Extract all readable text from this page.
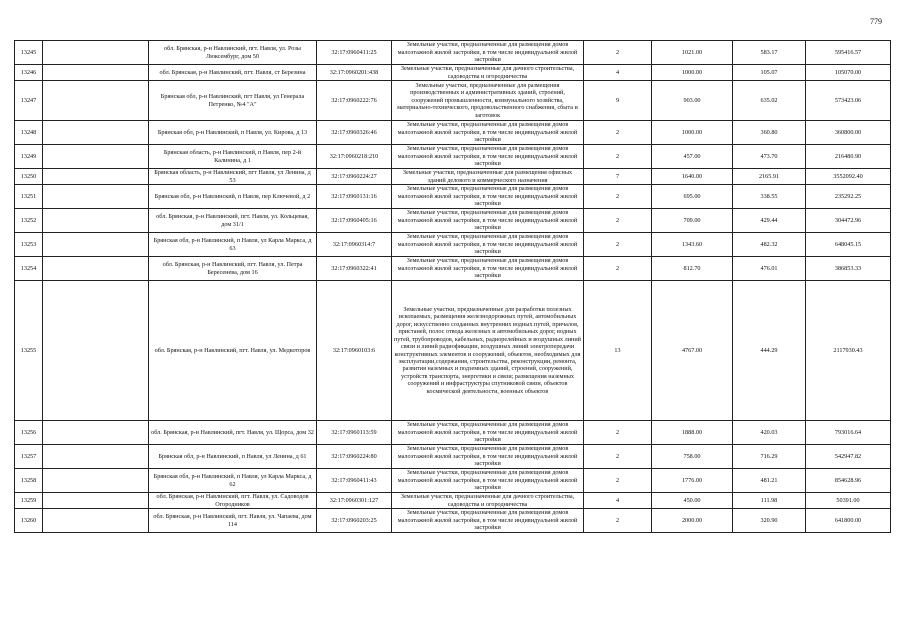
779
13245		обл. Брянская, р-н Навлинский, пгт. Навля, ул. Розы Люксембург, дом 50	32:17:0960411:25	Земельные участки, предназначенные для размещения домов малоэтажной жилой застройки, в том числе индивидуальной жилой застройки	2	1021.00	583.17	595416.57
13246		обл. Брянская, р-н Навлинский, пгт. Навля, ст Березина	32:17:0960201:438	Земельные участки, предназначенные для дачного строительства, садоводства и огородничества	4	1000.00	105.07	105070.00
13247		Брянская обл, р-н Навлинский, пгт Навля, ул Генерала Петренко, №4 "А"	32:17:0960222:76	Земельные участки, предназначенные для размещения производственных и административных зданий, строений, сооружений промышленности, коммунального хозяйства, материально-технического, продовольственного снабжения, сбыта и заготовок	9	903.00	635.02	573423.06
13248		Брянская обл, р-н Навлинский, п Навля, ул. Кирова, д 13	32:17:0960326:46	Земельные участки, предназначенные для размещения домов малоэтажной жилой застройки, в том числе индивидуальной жилой застройки	2	1000.00	360.80	360800.00
13249		Брянская область, р-н Навлинский, п Навля, пер 2-й Калинина, д 1	32:17:0960218:210	Земельные участки, предназначенные для размещения домов малоэтажной жилой застройки, в том числе индивидуальной жилой застройки	2	457.00	473.70	216480.90
13250		Брянская область, р-н Навлинский, пгт Навля, ул Ленина, д 53	32:17:0960224:27	Земельные участки, предназначенные для размещения офисных зданий делового и коммерческого назначения	7	1640.00	2165.91	3552092.40
13251		Брянская обл, р-н Навлинский, п Навля, пер Ключевой, д 2	32:17:0960131:16	Земельные участки, предназначенные для размещения домов малоэтажной жилой застройки, в том числе индивидуальной жилой застройки	2	695.00	338.55	235292.25
13252		обл. Брянская, р-н Навлинский, пгт. Навля, ул. Кольцевая, дом 31/1	32:17:0960405:16	Земельные участки, предназначенные для размещения домов малоэтажной жилой застройки, в том числе индивидуальной жилой застройки	2	709.00	429.44	304472.96
13253		Брянская обл, р-н Навлинский, п Навля, ул Карла Маркса, д 63	32:17:0960314:7	Земельные участки, предназначенные для размещения домов малоэтажной жилой застройки, в том числе индивидуальной жилой застройки	2	1343.60	482.32	648045.15
13254		обл. Брянская, р-н Навлинский, пгт. Навля, ул. Петра Бересенева, дом 16	32:17:0960322:41	Земельные участки, предназначенные для размещения домов малоэтажной жилой застройки, в том числе индивидуальной жилой застройки	2	812.70	476.01	386853.33
13255		обл. Брянская, р-н Навлинский, пгт. Навля, ул. Медкоторов	32:17:0960103:6	Земельные участки, предназначенные для разработки полезных ископаемых, размещения железнодорожных путей, автомобильных дорог, искусственно созданных внутренних водных путей, причалов, пристаней, полос отвода железных и автомобильных дорог, водных путей, трубопроводов, кабельных, радиорелейных и воздушных линий связи и линий радиофикации, воздушных линий электропередачи конструктивных элементов и сооружений, объектов, необходимых для эксплуатации,содержания, строительства, реконструкции, ремонта, развития наземных и подземных зданий, строений, сооружений, устройств транспорта, энергетики и связи; размещения наземных сооружений и инфраструктуры спутниковой связи, объектов космической деятельности, военных объектов	13	4767.00	444.29	2117930.43
13256		обл. Брянская, р-н Навлинский, пгт. Навля, ул. Щорса, дом 32	32:17:0960113:59	Земельные участки, предназначенные для размещения домов малоэтажной жилой застройки, в том числе индивидуальной жилой застройки	2	1888.00	420.03	793016.64
13257		Брянская обл, р-н Навлинский, п Навля, ул Ленина, д 61	32:17:0960224:80	Земельные участки, предназначенные для размещения домов малоэтажной жилой застройки, в том числе индивидуальной жилой застройки	2	758.00	716.29	542947.82
13258		Брянская обл, р-н Навлинский, п Навля, ул Карла Маркса, д 62	32:17:0960411:43	Земельные участки, предназначенные для размещения домов малоэтажной жилой застройки, в том числе индивидуальной жилой застройки	2	1776.00	481.21	854628.96
13259		обл. Брянская, р-н Навлинский, пгт. Навля, ул. Садоводов Огородников	32:17:0960301:127	Земельные участки, предназначенные для дачного строительства, садоводства и огородничества	4	450.00	111.98	50391.00
13260		обл. Брянская, р-н Навлинский, пгт. Навля, ул. Чапаева, дом 114	32:17:0960203:25	Земельные участки, предназначенные для размещения домов малоэтажной жилой застройки, в том числе индивидуальной жилой застройки	2	2000.00	320.90	641800.00
